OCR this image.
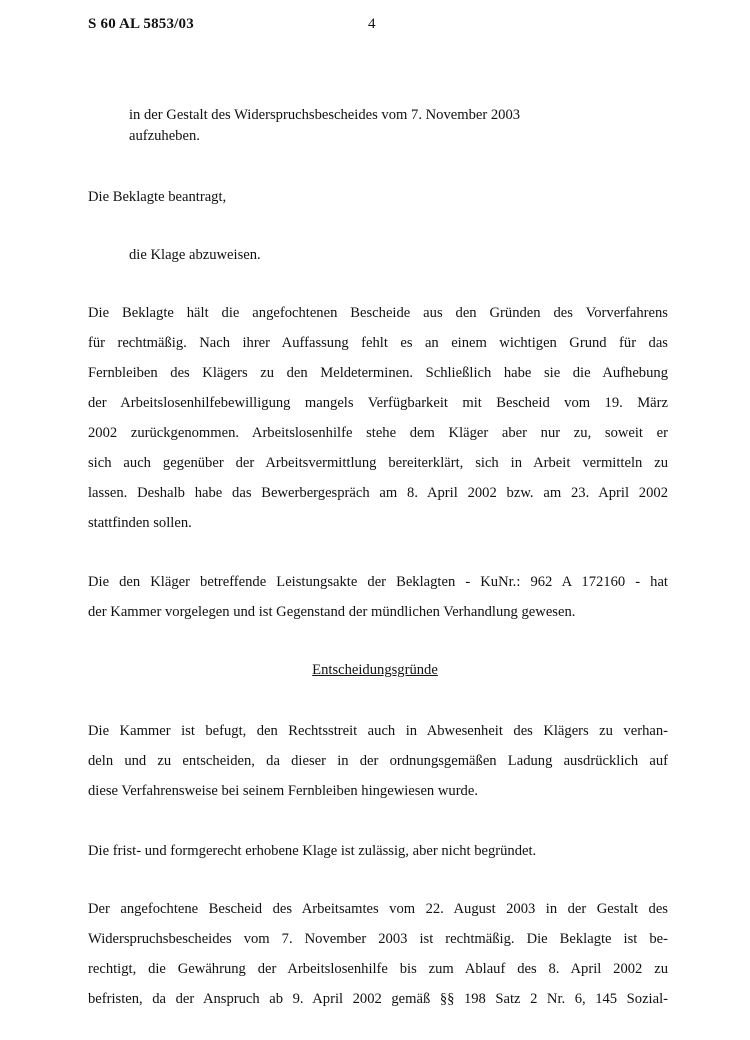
S 60 AL 5853/03	4
in der Gestalt des Widerspruchsbescheides vom 7. November 2003
aufzuheben.
Die Beklagte beantragt,
die Klage abzuweisen.
Die Beklagte hält die angefochtenen Bescheide aus den Gründen des Vorverfahrens
für rechtmäßig. Nach ihrer Auffassung fehlt es an einem wichtigen Grund für das
Fernbleiben des Klägers zu den Meldeterminen. Schließlich habe sie die Aufhebung
der Arbeitslosenhilfebewilligung mangels Verfügbarkeit mit Bescheid vom 19. März
2002 zurückgenommen. Arbeitslosenhilfe stehe dem Kläger aber nur zu, soweit er
sich auch gegenüber der Arbeitsvermittlung bereiterklärt, sich in Arbeit vermitteln zu
lassen. Deshalb habe das Bewerbergespräch am 8. April 2002 bzw. am 23. April 2002
stattfinden sollen.
Die den Kläger betreffende Leistungsakte der Beklagten - KuNr.: 962 A 172160 - hat
der Kammer vorgelegen und ist Gegenstand der mündlichen Verhandlung gewesen.
Entscheidungsgründe
Die Kammer ist befugt, den Rechtsstreit auch in Abwesenheit des Klägers zu verhan-
deln und zu entscheiden, da dieser in der ordnungsgemäßen Ladung ausdrücklich auf
diese Verfahrensweise bei seinem Fernbleiben hingewiesen wurde.
Die frist- und formgerecht erhobene Klage ist zulässig, aber nicht begründet.
Der angefochtene Bescheid des Arbeitsamtes vom 22. August 2003 in der Gestalt des
Widerspruchsbescheides vom 7. November 2003 ist rechtmäßig. Die Beklagte ist be-
rechtigt, die Gewährung der Arbeitslosenhilfe bis zum Ablauf des 8. April 2002 zu
befristen, da der Anspruch ab 9. April 2002 gemäß §§ 198 Satz 2 Nr. 6, 145 Sozial-
